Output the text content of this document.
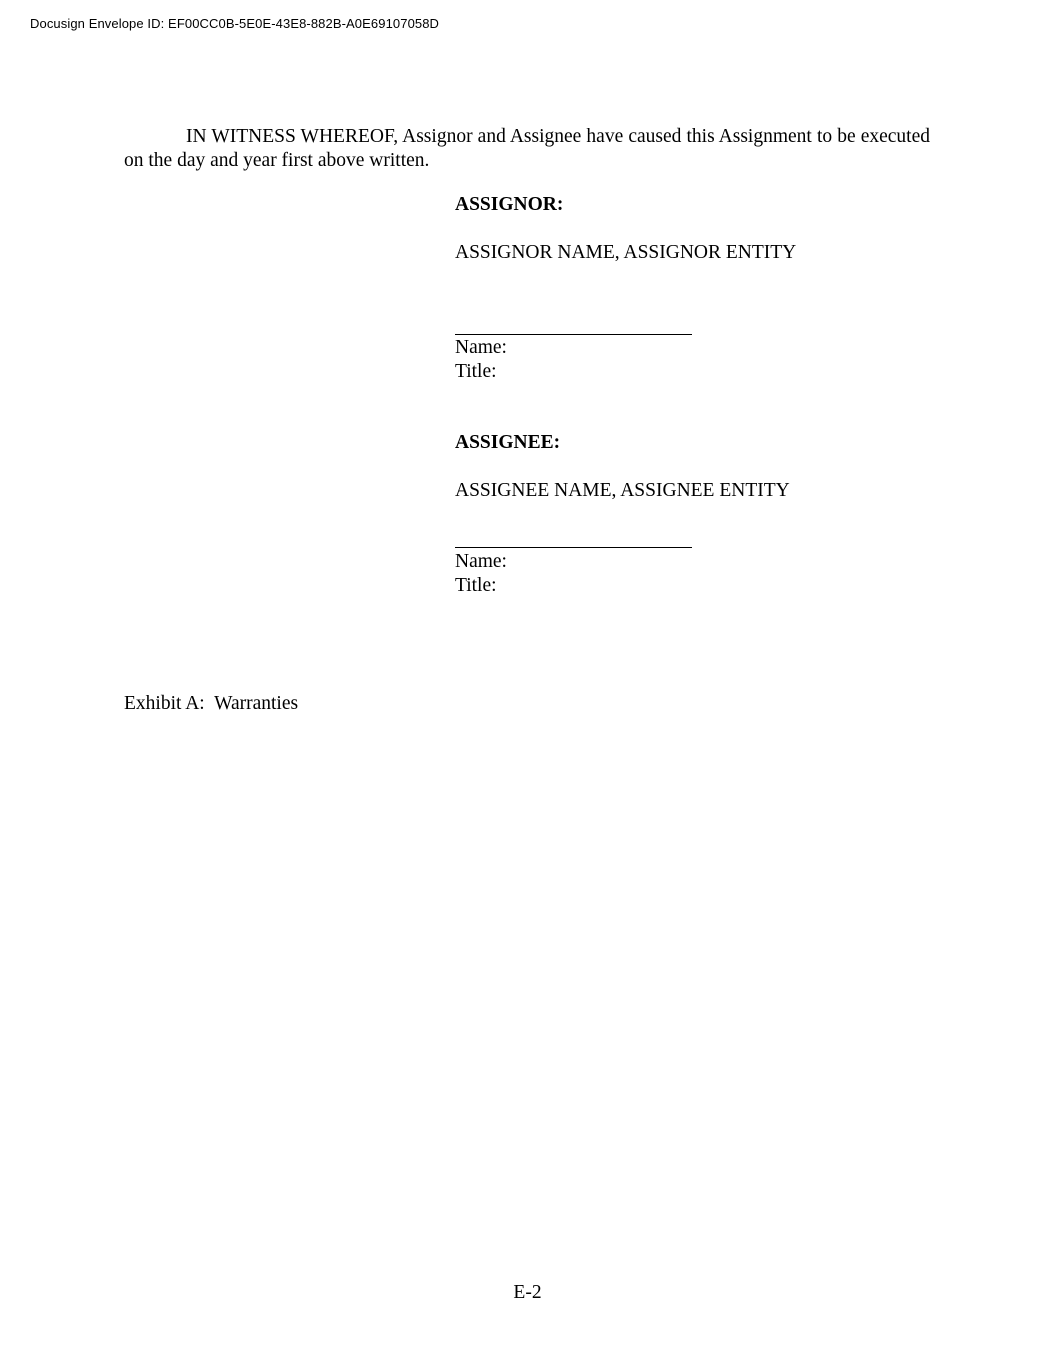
Docusign Envelope ID: EF00CC0B-5E0E-43E8-882B-A0E69107058D
IN WITNESS WHEREOF, Assignor and Assignee have caused this Assignment to be executed on the day and year first above written.
ASSIGNOR:
ASSIGNOR NAME, ASSIGNOR ENTITY
Name:
Title:
ASSIGNEE:
ASSIGNEE NAME, ASSIGNEE ENTITY
Name:
Title:
Exhibit A:  Warranties
E-2
